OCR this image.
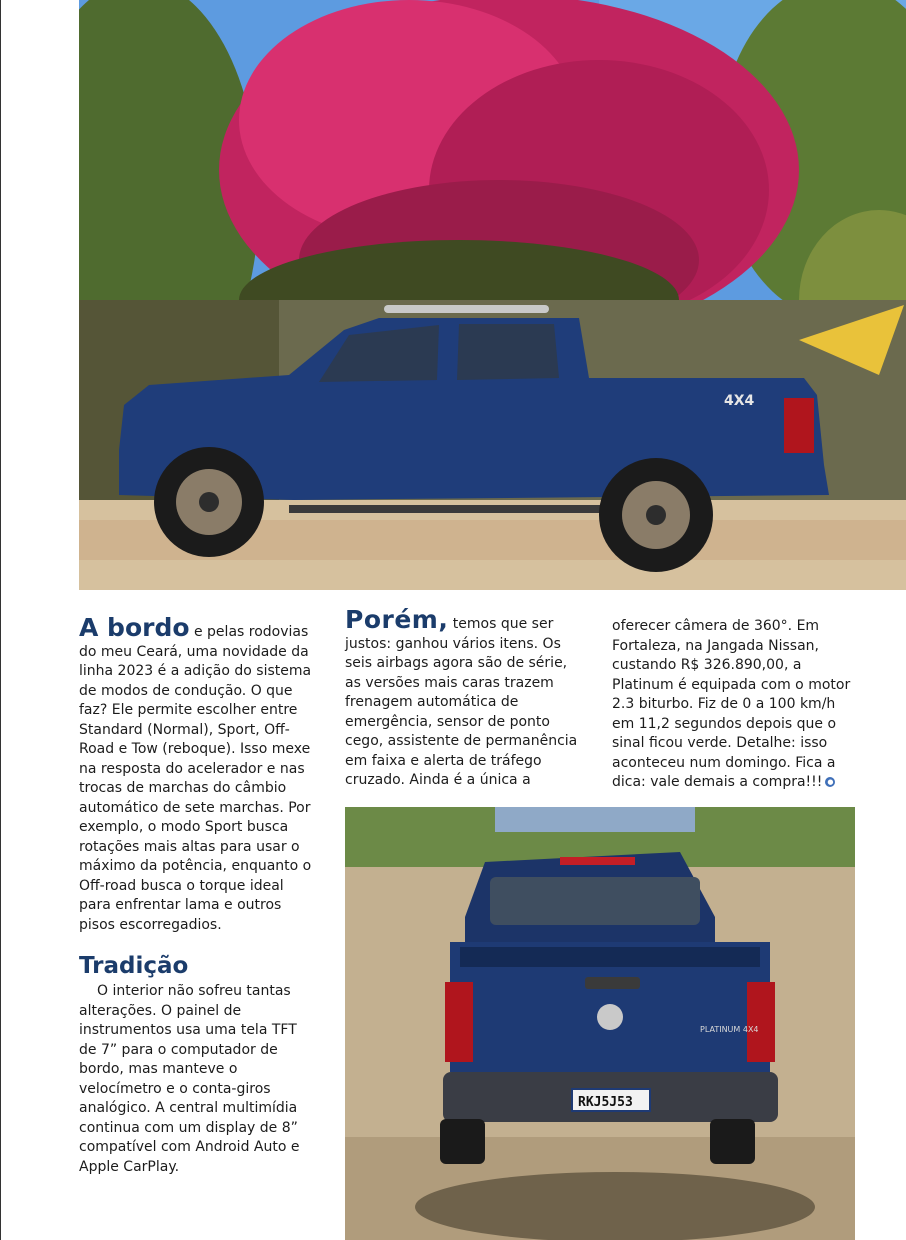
4X4

A bordo e pelas rodovias do meu Ceará, uma novidade da linha 2023 é a adição do sistema de modos de condução. O que faz? Ele permite escolher entre Standard (Normal), Sport, Off-Road e Tow (reboque). Isso mexe na resposta do acelerador e nas trocas de marchas do câmbio automático de sete marchas. Por exemplo, o modo Sport busca rotações mais altas para usar o máximo da potência, enquanto o Off-road busca o torque ideal para enfrentar lama e outros pisos escorregadios.

Tradição

O interior não sofreu tantas alterações. O painel de instrumentos usa uma tela TFT de 7” para o computador de bordo, mas manteve o velocímetro e o conta-giros analógico. A central multimídia continua com um display de 8” compatível com Android Auto e Apple CarPlay.

Porém, temos que ser justos: ganhou vários itens. Os seis airbags agora são de série, as versões mais caras trazem frenagem automática de emergência, sensor de ponto cego, assistente de permanência em faixa e alerta de tráfego cruzado. Ainda é a única a

oferecer câmera de 360°. Em Fortaleza, na Jangada Nissan, custando R$ 326.890,00, a Platinum é equipada com o motor 2.3 biturbo. Fiz de 0 a 100 km/h em 11,2 segundos depois que o sinal ficou verde. Detalhe: isso aconteceu num domingo. Fica a dica: vale demais a compra!!! ●

RKJ5J53
PLATINUM 4X4
